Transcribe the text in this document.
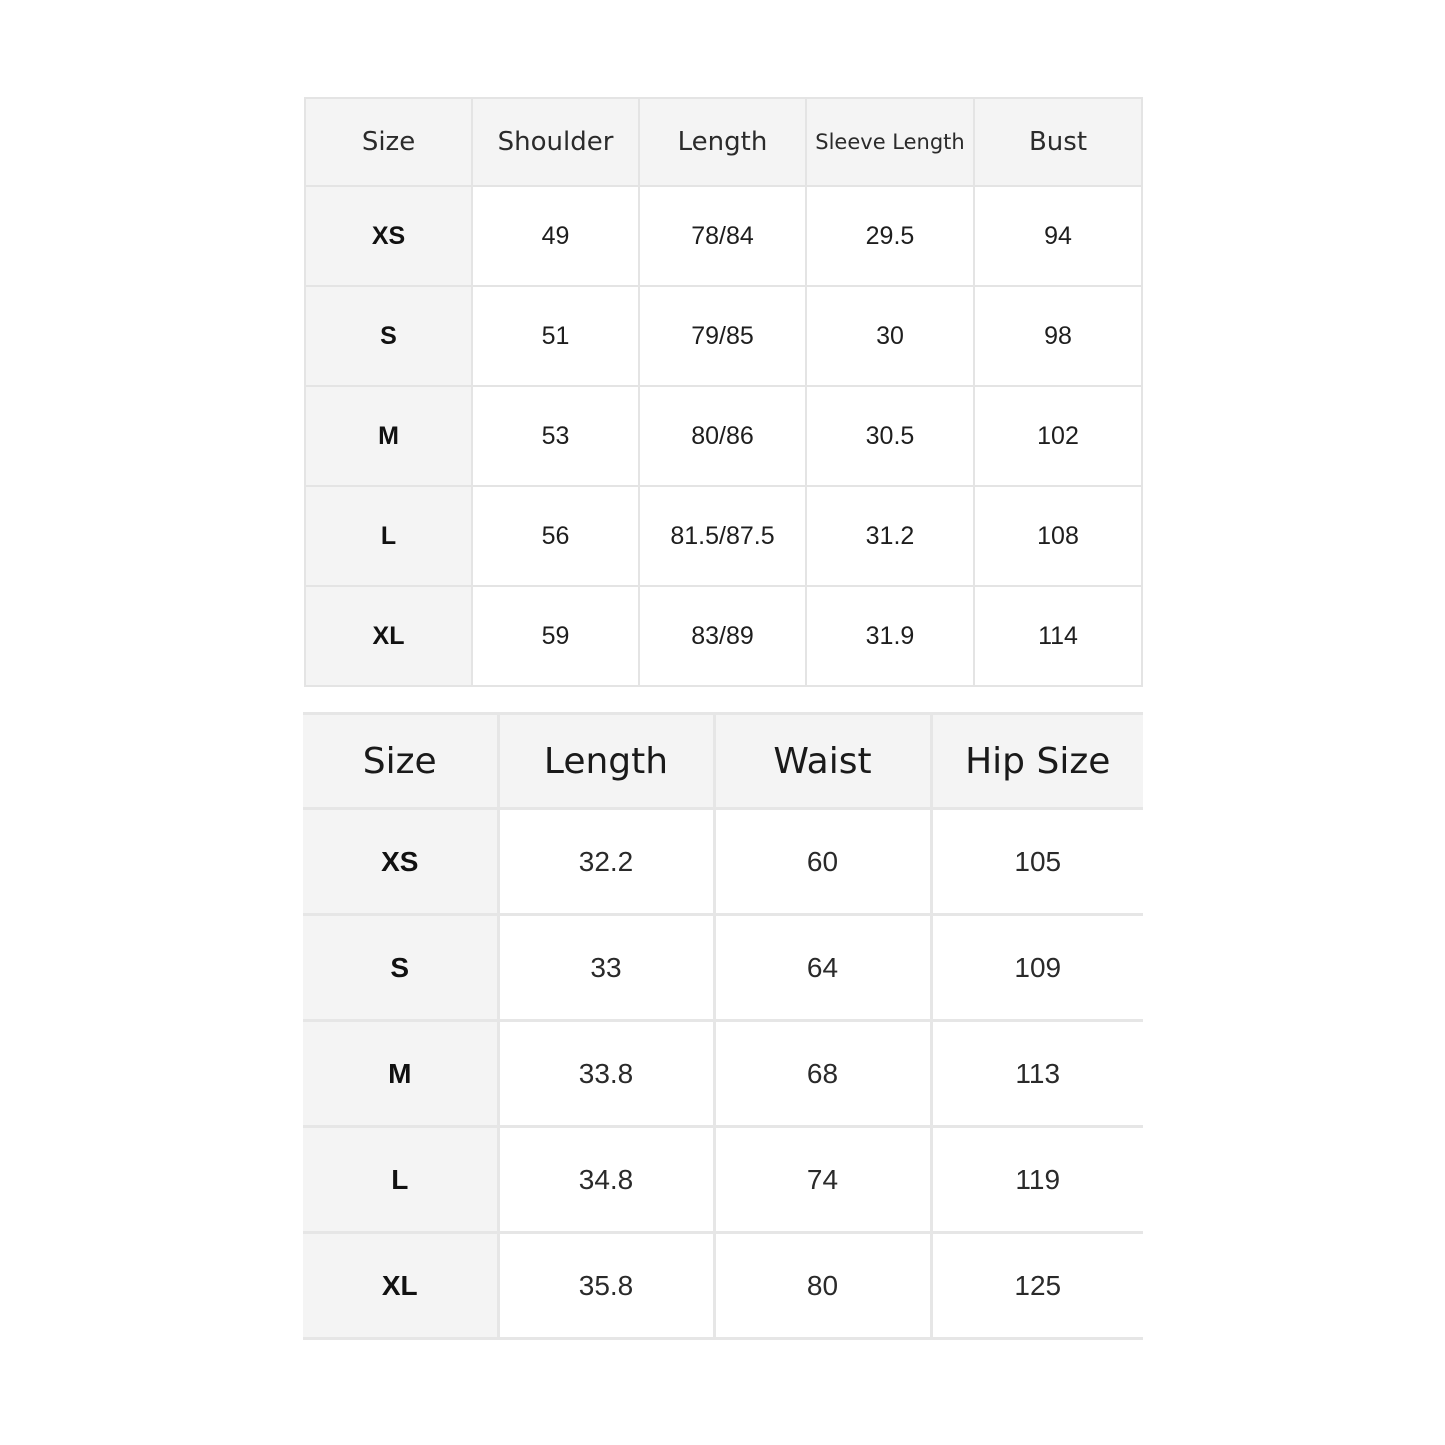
Size	Shoulder	Length	Sleeve Length	Bust
XS	49	78/84	29.5	94
S	51	79/85	30	98
M	53	80/86	30.5	102
L	56	81.5/87.5	31.2	108
XL	59	83/89	31.9	114
Size	Length	Waist	Hip Size
XS	32.2	60	105
S	33	64	109
M	33.8	68	113
L	34.8	74	119
XL	35.8	80	125
